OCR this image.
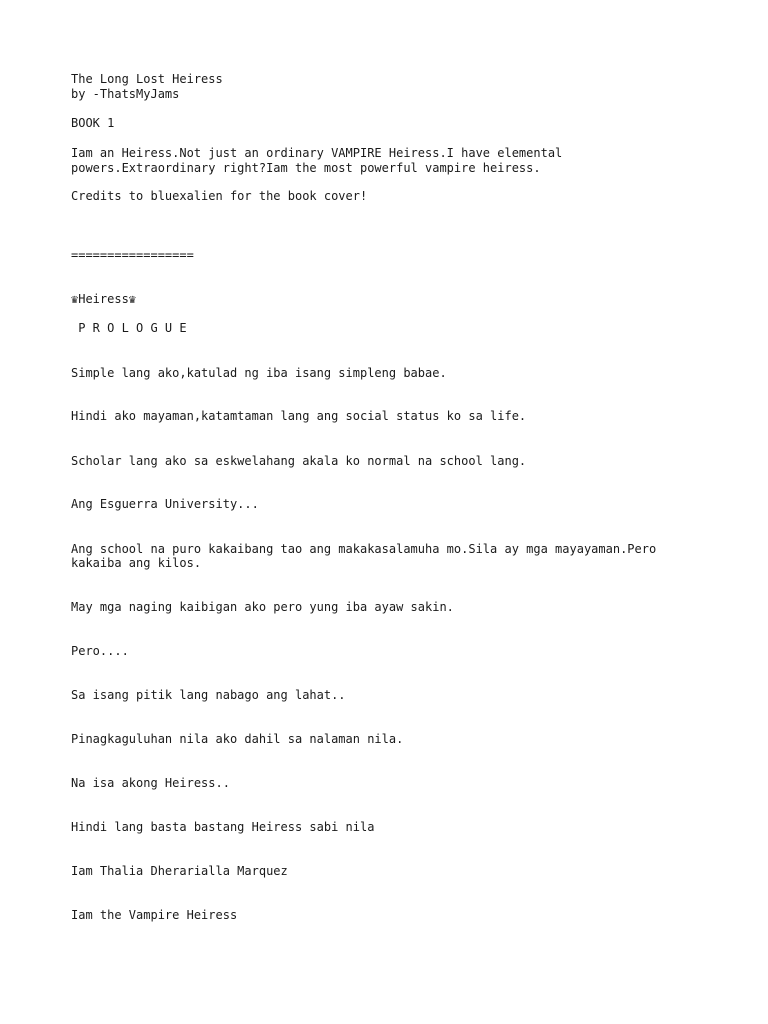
The Long Lost Heiress
by -ThatsMyJams
BOOK 1
Iam an Heiress.Not just an ordinary VAMPIRE Heiress.I have elemental
powers.Extraordinary right?Iam the most powerful vampire heiress.
Credits to bluexalien for the book cover!
=================
♛Heiress♛
P R O L O G U E
Simple lang ako,katulad ng iba isang simpleng babae.
Hindi ako mayaman,katamtaman lang ang social status ko sa life.
Scholar lang ako sa eskwelahang akala ko normal na school lang.
Ang Esguerra University...
Ang school na puro kakaibang tao ang makakasalamuha mo.Sila ay mga mayayaman.Pero
kakaiba ang kilos.
May mga naging kaibigan ako pero yung iba ayaw sakin.
Pero....
Sa isang pitik lang nabago ang lahat..
Pinagkaguluhan nila ako dahil sa nalaman nila.
Na isa akong Heiress..
Hindi lang basta bastang Heiress sabi nila
Iam Thalia Dherarialla Marquez
Iam the Vampire Heiress
